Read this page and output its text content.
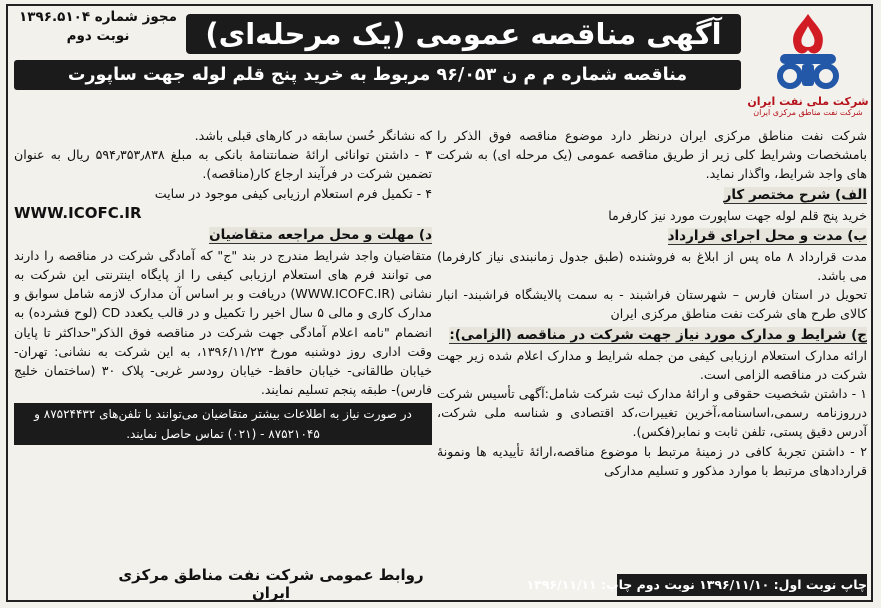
شرکت ملی نفت ایران
شرکت نفت مناطق مرکزی ایران
آگهی مناقصه عمومی (یک مرحله‌ای)
مجوز شماره ۱۳۹۶.۵۱۰۴
نوبت دوم
مناقصه شماره م م ن ۹۶/۰۵۳ مربوط به خرید پنج قلم لوله جهت ساپورت

شرکت نفت مناطق مرکزی ایران درنظر دارد موضوع مناقصه فوق الذکر را بامشخصات وشرایط کلی زیر از طریق مناقصه عمومی (یک مرحله ای) به شرکت های واجد شرایط، واگذار نماید.

الف) شرح مختصر کار

خرید پنج قلم لوله جهت ساپورت مورد نیز کارفرما

ب) مدت و محل اجرای قرارداد

مدت قرارداد ۸ ماه پس از ابلاغ به فروشنده (طبق جدول زمانبندی نیاز کارفرما) می باشد.

تحویل در استان فارس – شهرستان فراشبند - به سمت پالایشگاه فراشبند- انبار کالای طرح های شرکت نفت مناطق مرکزی ایران

ج) شرایط و مدارک مورد نیاز جهت شرکت در مناقصه (الزامی):

ارائه مدارک استعلام ارزیابی کیفی من جمله شرایط و مدارک اعلام شده زیر جهت شرکت در مناقصه الزامی است.

۱ - داشتن شخصیت حقوقی و ارائهٔ مدارک ثبت شرکت شامل:آگهی تأسیس شرکت درروزنامه رسمی،اساسنامه،آخرین تغییرات،کد اقتصادی و شناسه ملی شرکت، آدرس دقیق پستی، تلفن ثابت و نمابر(فکس).

۲ - داشتن تجربهٔ کافی در زمینهٔ مرتبط با موضوع مناقصه،ارائهٔ تأییدیه ها ونمونهٔ قراردادهای مرتبط با موارد مذکور و تسلیم مدارکی

که نشانگر حُسن سابقه در کارهای قبلی باشد.

۳ - داشتن توانائی ارائهٔ ضمانتنامهٔ بانکی به مبلغ ۵۹۴٫۳۵۳٫۸۳۸ ریال به عنوان تضمین شرکت در فرآیند ارجاع کار(مناقصه).

۴ - تکمیل فرم استعلام ارزیابی کیفی موجود در سایت

WWW.ICOFC.IR

د) مهلت و محل مراجعه متقاضیان

متقاضیان واجد شرایط مندرج در بند "ج" که آمادگی شرکت در مناقصه را دارند می توانند فرم های استعلام ارزیابی کیفی را از پایگاه اینترنتی این شرکت به نشانی (WWW.ICOFC.IR) دریافت و بر اساس آن مدارک لازمه شامل سوابق و مدارک کاری و مالی ۵ سال اخیر را تکمیل و در قالب یکعدد CD (لوح فشرده) به انضمام "نامه اعلام آمادگی جهت شرکت در مناقصه فوق الذکر"حداکثر تا پایان وقت اداری روز دوشنبه مورخ ۱۳۹۶/۱۱/۲۳، به این شرکت به نشانی: تهران-خیابان طالقانی- خیابان حافظ- خیابان رودسر غربی- پلاک ۳۰ (ساختمان خلیج فارس)- طبقه پنجم تسلیم نمایند.

در صورت نیاز به اطلاعات بیشتر متقاضیان می‌توانند با تلفن‌های ۸۷۵۲۴۴۳۲ و ۸۷۵۲۱۰۴۵ - (۰۲۱) تماس حاصل نمایند.
روابط عمومی شرکت نفت مناطق مرکزی ایران	چاپ نوبت اول: ۱۳۹۶/۱۱/۱۰ نوبت دوم چاپ: ۱۳۹۶/۱۱/۱۱
